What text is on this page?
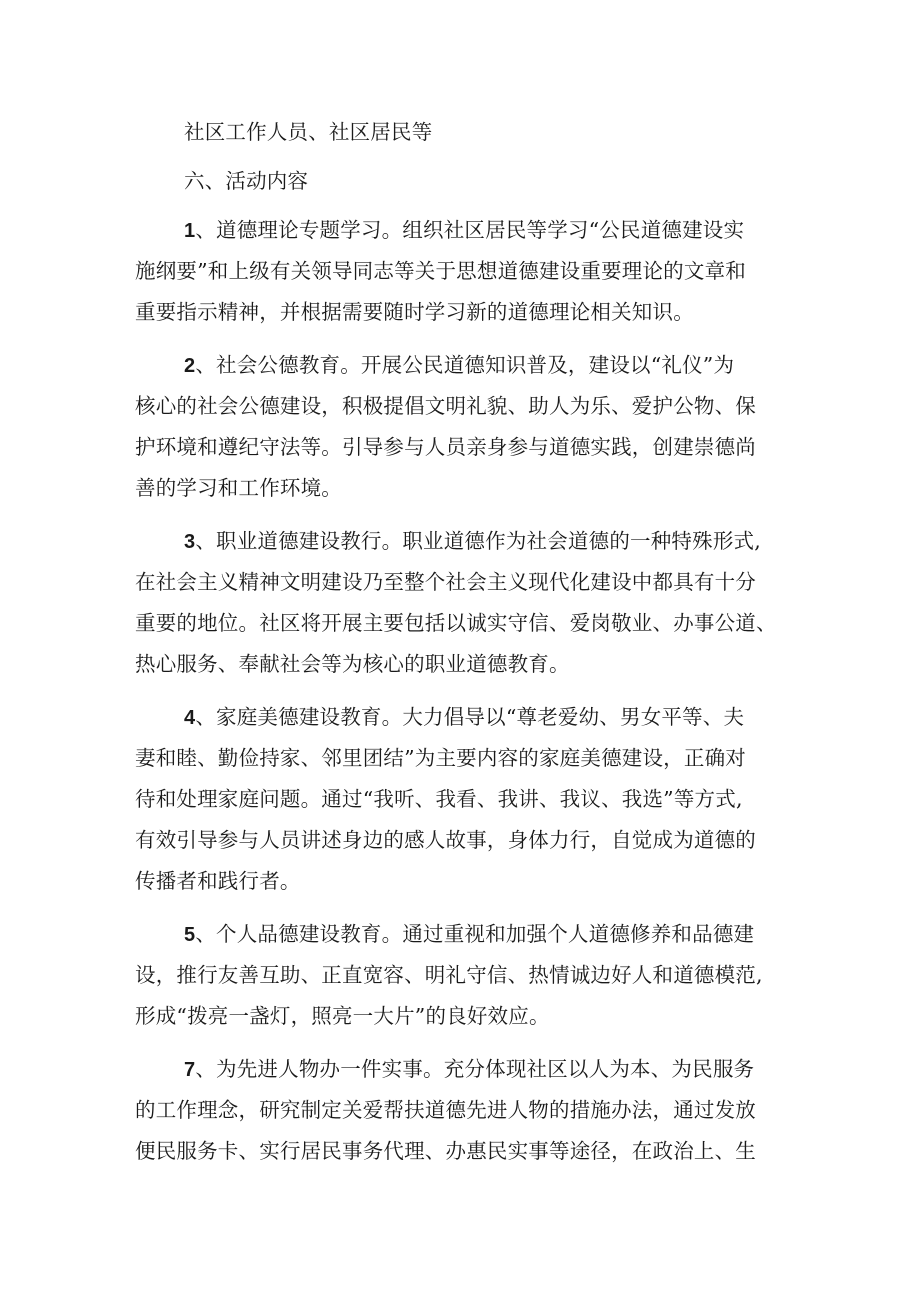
社区工作人员、社区居民等
六、活动内容
1、道德理论专题学习。组织社区居民等学习“公民道德建设实
施纲要”和上级有关领导同志等关于思想道德建设重要理论的文章和
重要指示精神，并根据需要随时学习新的道德理论相关知识。
2、社会公德教育。开展公民道德知识普及，建设以“礼仪”为
核心的社会公德建设，积极提倡文明礼貌、助人为乐、爱护公物、保
护环境和遵纪守法等。引导参与人员亲身参与道德实践，创建崇德尚
善的学习和工作环境。
3、职业道德建设教行。职业道德作为社会道德的一种特殊形式,
在社会主义精神文明建设乃至整个社会主义现代化建设中都具有十分
重要的地位。社区将开展主要包括以诚实守信、爱岗敬业、办事公道、
热心服务、奉献社会等为核心的职业道德教育。
4、家庭美德建设教育。大力倡导以“尊老爱幼、男女平等、夫
妻和睦、勤俭持家、邻里团结”为主要内容的家庭美德建设，正确对
待和处理家庭问题。通过“我听、我看、我讲、我议、我选”等方式,
有效引导参与人员讲述身边的感人故事，身体力行，自觉成为道德的
传播者和践行者。
5、个人品德建设教育。通过重视和加强个人道德修养和品德建
设，推行友善互助、正直宽容、明礼守信、热情诚边好人和道德模范,
形成“拨亮一盏灯，照亮一大片”的良好效应。
7、为先进人物办一件实事。充分体现社区以人为本、为民服务
的工作理念，研究制定关爱帮扶道德先进人物的措施办法，通过发放
便民服务卡、实行居民事务代理、办惠民实事等途径，在政治上、生
